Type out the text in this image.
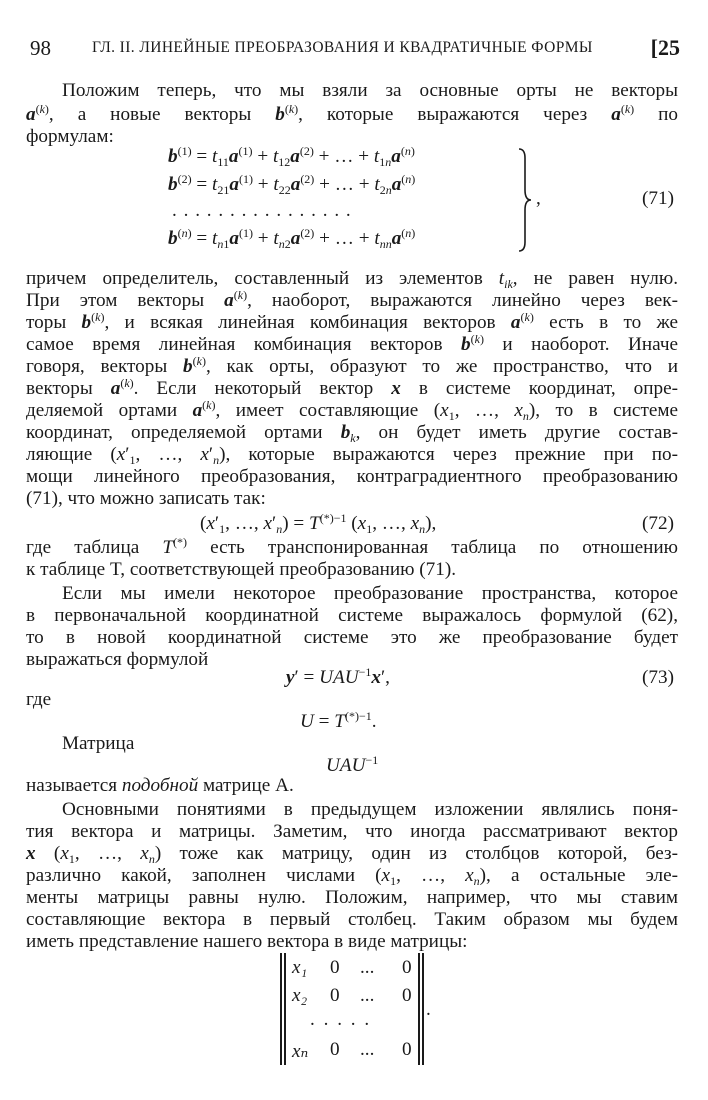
98	ГЛ. II. ЛИНЕЙНЫЕ ПРЕОБРАЗОВАНИЯ И КВАДРАТИЧНЫЕ ФОРМЫ	[25
Положим теперь, что мы взяли за основные орты не векторы
$a^{(k)}$, а новые векторы $b^{(k)}$, которые выражаются через $a^{(k)}$ по
формулам:
$b^{(1)} = t_{11}a^{(1)} + t_{12}a^{(2)}$ + … + $t_{1n}a^{(n)}$
$b^{(2)} = t_{21}a^{(1)} + t_{22}a^{(2)}$ + … + $t_{2n}a^{(n)}$
. . . . . . . . . . . . . . . .
$b^{(n)} = t_{n1}a^{(1)} + t_{n2}a^{(2)}$ + … + $t_{nn}a^{(n)}$
,	(71)
причем определитель, составленный из элементов $t_{ik}$, не равен нулю.
При этом векторы $a^{(k)}$, наоборот, выражаются линейно через век-
торы $b^{(k)}$, и всякая линейная комбинация векторов $a^{(k)}$ есть в то же
самое время линейная комбинация векторов $b^{(k)}$ и наоборот. Иначе
говоря, векторы $b^{(k)}$, как орты, образуют то же пространство, что и
векторы $a^{(k)}$. Если некоторый вектор x в системе координат, опре-
деляемой ортами $a^{(k)}$, имеет составляющие ($x_1$, …, $x_n$), то в системе
координат, определяемой ортами $b_k$, он будет иметь другие состав-
ляющие ($x'_1$, …, $x'_n$), которые выражаются через прежние при по-
мощи линейного преобразования, контраградиентного преобразованию
(71), что можно записать так:
($x'_1$, …, $x'_n) = T^{(*)-1}$ ($x_1$, …, $x_n$),	(72)
где таблица T(*) есть транспонированная таблица по отношению
к таблице T, соответствующей преобразованию (71).
Если мы имели некоторое преобразование пространства, которое
в первоначальной координатной системе выражалось формулой (62),
то в новой координатной системе это же преобразование будет
выражаться формулой
$y' = UAU^{-1}x'$,	(73)
где
$U = T^{(*)-1}$.
Матрица
$UAU^{-1}$
называется подобной матрице A.
Основными понятиями в предыдущем изложении являлись поня-
тия вектора и матрицы. Заметим, что иногда рассматривают вектор
x ($x_1$, …, $x_n$) тоже как матрицу, один из столбцов которой, без-
различно какой, заполнен числами ($x_1$, …, $x_n$), а остальные эле-
менты матрицы равны нулю. Положим, например, что мы ставим
составляющие вектора в первый столбец. Таким образом мы будем
иметь представление нашего вектора в виде матрицы:
x₁ 0 ... 0
x₂ 0 ... 0
. . . . .
xₙ 0 ... 0
.
